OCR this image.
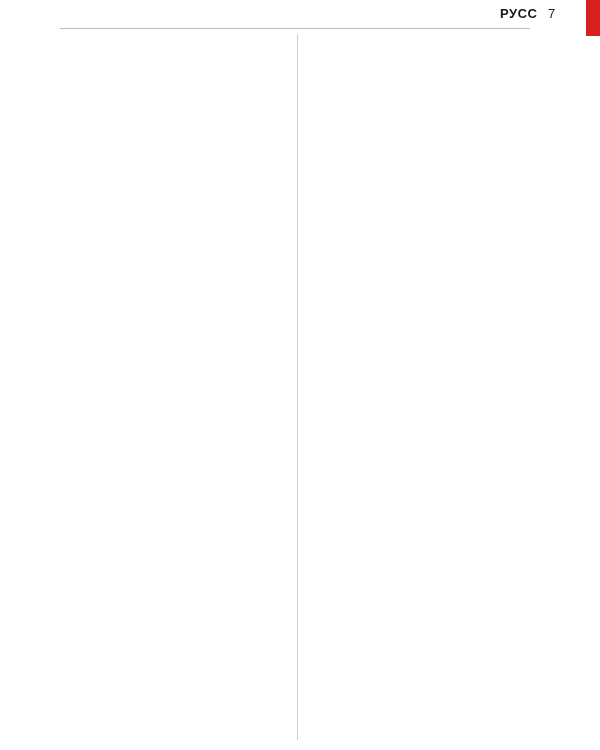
РУСС 7
